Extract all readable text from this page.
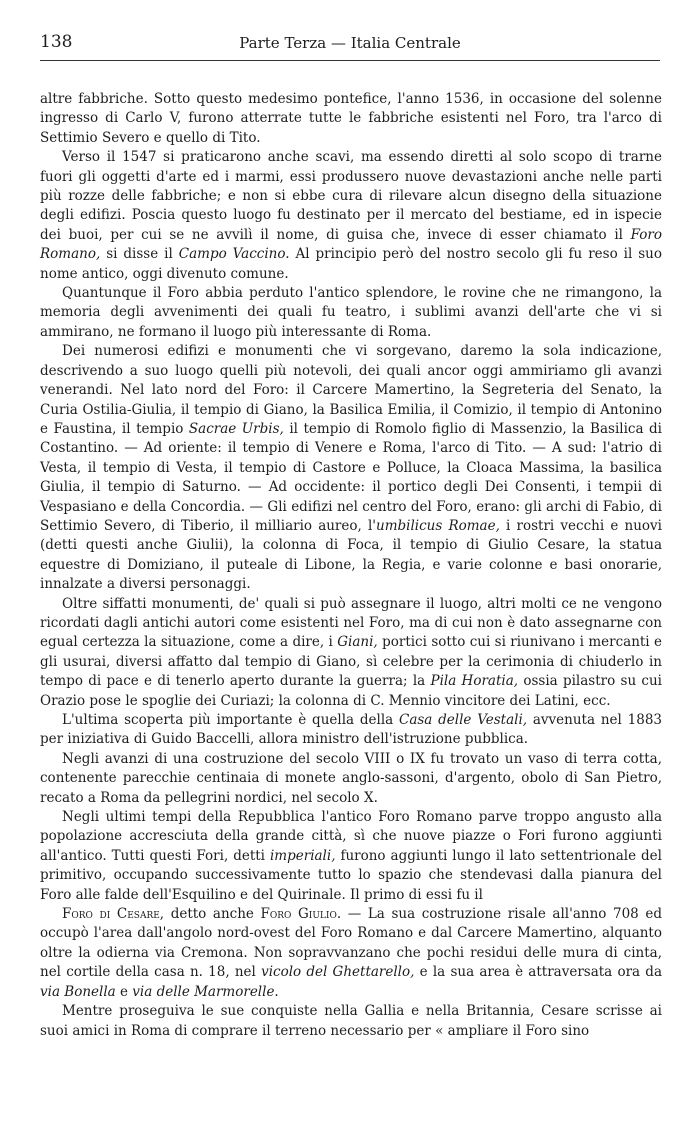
138	Parte Terza — Italia Centrale

altre fabbriche. Sotto questo medesimo pontefice, l'anno 1536, in occasione del solenne ingresso di Carlo V, furono atterrate tutte le fabbriche esistenti nel Foro, tra l'arco di Settimio Severo e quello di Tito.

Verso il 1547 si praticarono anche scavi, ma essendo diretti al solo scopo di trarne fuori gli oggetti d'arte ed i marmi, essi produssero nuove devastazioni anche nelle parti più rozze delle fabbriche; e non si ebbe cura di rilevare alcun disegno della situazione degli edifizi. Poscia questo luogo fu destinato per il mercato del bestiame, ed in ispecie dei buoi, per cui se ne avvilì il nome, di guisa che, invece di esser chiamato il Foro Romano, si disse il Campo Vaccino. Al principio però del nostro secolo gli fu reso il suo nome antico, oggi divenuto comune.

Quantunque il Foro abbia perduto l'antico splendore, le rovine che ne rimangono, la memoria degli avvenimenti dei quali fu teatro, i sublimi avanzi dell'arte che vi si ammirano, ne formano il luogo più interessante di Roma.

Dei numerosi edifizi e monumenti che vi sorgevano, daremo la sola indicazione, descrivendo a suo luogo quelli più notevoli, dei quali ancor oggi ammiriamo gli avanzi venerandi. Nel lato nord del Foro: il Carcere Mamertino, la Segreteria del Senato, la Curia Ostilia-Giulia, il tempio di Giano, la Basilica Emilia, il Comizio, il tempio di Antonino e Faustina, il tempio Sacrae Urbis, il tempio di Romolo figlio di Massenzio, la Basilica di Costantino. — Ad oriente: il tempio di Venere e Roma, l'arco di Tito. — A sud: l'atrio di Vesta, il tempio di Vesta, il tempio di Castore e Polluce, la Cloaca Massima, la basilica Giulia, il tempio di Saturno. — Ad occidente: il portico degli Dei Consenti, i tempii di Vespasiano e della Concordia. — Gli edifizi nel centro del Foro, erano: gli archi di Fabio, di Settimio Severo, di Tiberio, il milliario aureo, l'umbilicus Romae, i rostri vecchi e nuovi (detti questi anche Giulii), la colonna di Foca, il tempio di Giulio Cesare, la statua equestre di Domiziano, il puteale di Libone, la Regia, e varie colonne e basi onorarie, innalzate a diversi personaggi.

Oltre siffatti monumenti, de' quali si può assegnare il luogo, altri molti ce ne vengono ricordati dagli antichi autori come esistenti nel Foro, ma di cui non è dato assegnarne con egual certezza la situazione, come a dire, i Giani, portici sotto cui si riunivano i mercanti e gli usurai, diversi affatto dal tempio di Giano, sì celebre per la cerimonia di chiuderlo in tempo di pace e di tenerlo aperto durante la guerra; la Pila Horatia, ossia pilastro su cui Orazio pose le spoglie dei Curiazi; la colonna di C. Mennio vincitore dei Latini, ecc.

L'ultima scoperta più importante è quella della Casa delle Vestali, avvenuta nel 1883 per iniziativa di Guido Baccelli, allora ministro dell'istruzione pubblica.

Negli avanzi di una costruzione del secolo VIII o IX fu trovato un vaso di terra cotta, contenente parecchie centinaia di monete anglo-sassoni, d'argento, obolo di San Pietro, recato a Roma da pellegrini nordici, nel secolo X.

Negli ultimi tempi della Repubblica l'antico Foro Romano parve troppo angusto alla popolazione accresciuta della grande città, sì che nuove piazze o Fori furono aggiunti all'antico. Tutti questi Fori, detti imperiali, furono aggiunti lungo il lato settentrionale del primitivo, occupando successivamente tutto lo spazio che stendevasi dalla pianura del Foro alle falde dell'Esquilino e del Quirinale. Il primo di essi fu il

Foro di Cesare, detto anche Foro Giulio. — La sua costruzione risale all'anno 708 ed occupò l'area dall'angolo nord-ovest del Foro Romano e dal Carcere Mamertino, alquanto oltre la odierna via Cremona. Non sopravvanzano che pochi residui delle mura di cinta, nel cortile della casa n. 18, nel vicolo del Ghettarello, e la sua area è attraversata ora da via Bonella e via delle Marmorelle.

Mentre proseguiva le sue conquiste nella Gallia e nella Britannia, Cesare scrisse ai suoi amici in Roma di comprare il terreno necessario per « ampliare il Foro sino
